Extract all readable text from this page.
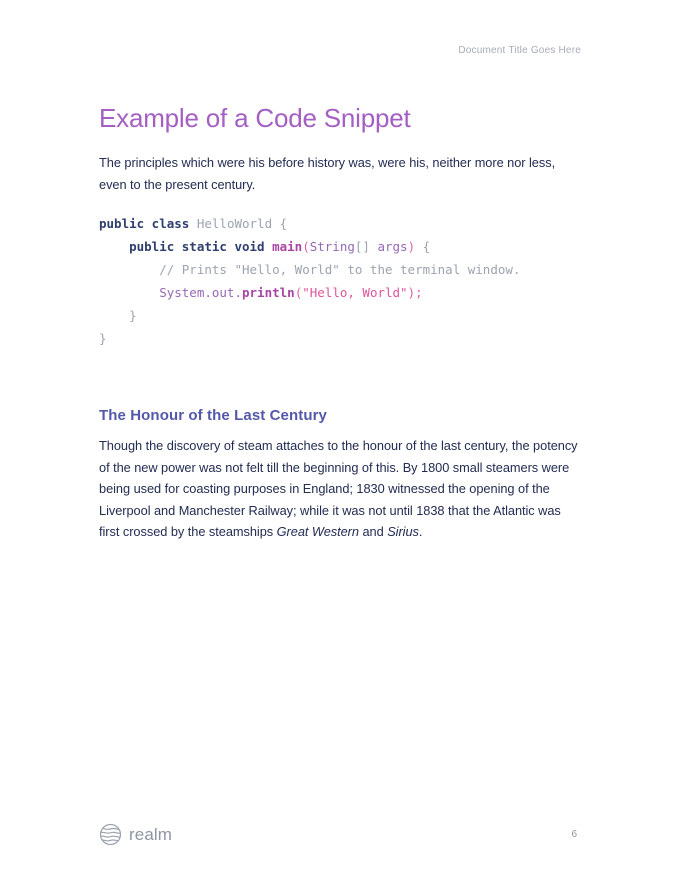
Document Title Goes Here
Example of a Code Snippet

The principles which were his before history was, were his, neither more nor less, even to the present century.

public class HelloWorld {
public static void main(String[] args) {
// Prints "Hello, World" to the terminal window.
System.out.println("Hello, World");
}
}
The Honour of the Last Century

Though the discovery of steam attaches to the honour of the last century, the potency of the new power was not felt till the beginning of this. By 1800 small steamers were being used for coasting purposes in England; 1830 witnessed the opening of the Liverpool and Manchester Railway; while it was not until 1838 that the Atlantic was first crossed by the steamships Great Western and Sirius.

realm	6
